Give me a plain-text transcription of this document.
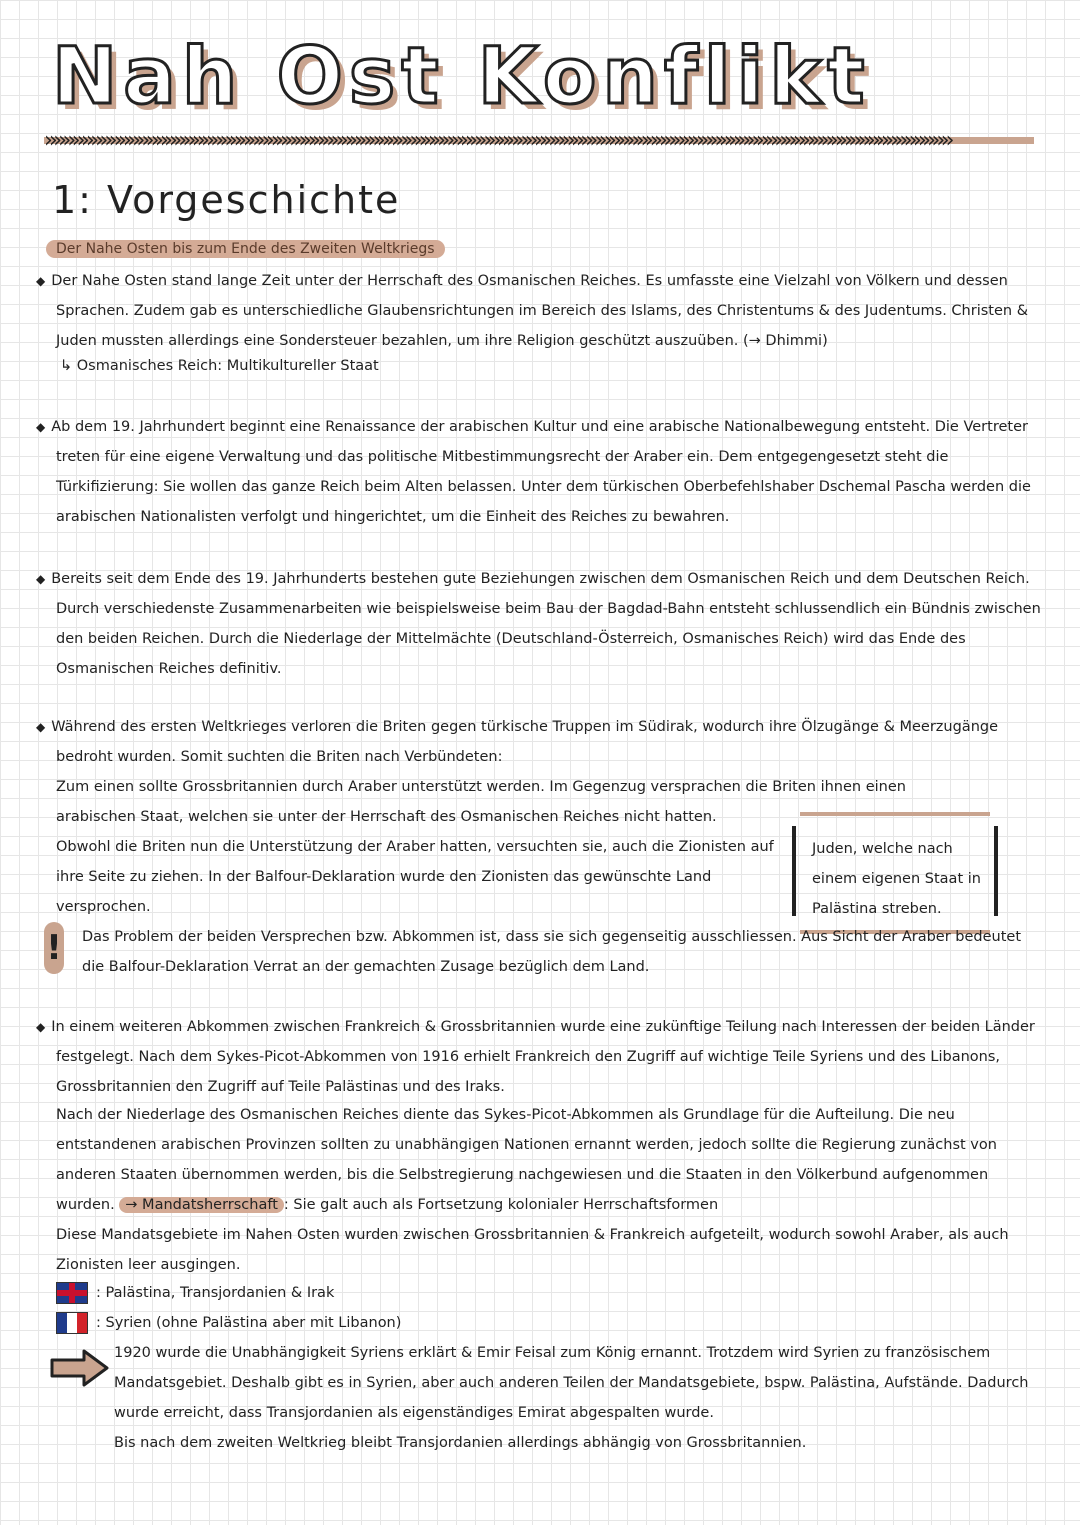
Nah Ost Konflikt
»»»»»»»»»»»»»»»»»»»»»»»»»»»»»»»»»»»»»»»»»»»»»»»»»»»»»»»»»»»»»»»»»»»»»»»»»»»»»»»»»»»»»»»»»»»»»»»»»»
1: Vorgeschichte
Der Nahe Osten bis zum Ende des Zweiten Weltkriegs

◆ Der Nahe Osten stand lange Zeit unter der Herrschaft des Osmanischen Reiches. Es umfasste eine Vielzahl von Völkern und dessen Sprachen. Zudem gab es unterschiedliche Glaubensrichtungen im Bereich des Islams, des Christentums & des Judentums. Christen & Juden mussten allerdings eine Sondersteuer bezahlen, um ihre Religion geschützt auszuüben. (→ Dhimmi)

↳ Osmanisches Reich: Multikultureller Staat

◆ Ab dem 19. Jahrhundert beginnt eine Renaissance der arabischen Kultur und eine arabische Nationalbewegung entsteht. Die Vertreter treten für eine eigene Verwaltung und das politische Mitbestimmungsrecht der Araber ein. Dem entgegengesetzt steht die Türkifizierung: Sie wollen das ganze Reich beim Alten belassen. Unter dem türkischen Oberbefehlshaber Dschemal Pascha werden die arabischen Nationalisten verfolgt und hingerichtet, um die Einheit des Reiches zu bewahren.

◆ Bereits seit dem Ende des 19. Jahrhunderts bestehen gute Beziehungen zwischen dem Osmanischen Reich und dem Deutschen Reich. Durch verschiedenste Zusammenarbeiten wie beispielsweise beim Bau der Bagdad-Bahn entsteht schlussendlich ein Bündnis zwischen den beiden Reichen. Durch die Niederlage der Mittelmächte (Deutschland-Österreich, Osmanisches Reich) wird das Ende des Osmanischen Reiches definitiv.

◆ Während des ersten Weltkrieges verloren die Briten gegen türkische Truppen im Südirak, wodurch ihre Ölzugänge & Meerzugänge bedroht wurden. Somit suchten die Briten nach Verbündeten:

Zum einen sollte Grossbritannien durch Araber unterstützt werden. Im Gegenzug versprachen die Briten ihnen einen arabischen Staat, welchen sie unter der Herrschaft des Osmanischen Reiches nicht hatten.

Obwohl die Briten nun die Unterstützung der Araber hatten, versuchten sie, auch die Zionisten auf ihre Seite zu ziehen. In der Balfour-Deklaration wurde den Zionisten das gewünschte Land versprochen.

Juden, welche nach einem eigenen Staat in Palästina streben.
! Das Problem der beiden Versprechen bzw. Abkommen ist, dass sie sich gegenseitig ausschliessen. Aus Sicht der Araber bedeutet die Balfour-Deklaration Verrat an der gemachten Zusage bezüglich dem Land.

◆ In einem weiteren Abkommen zwischen Frankreich & Grossbritannien wurde eine zukünftige Teilung nach Interessen der beiden Länder festgelegt. Nach dem Sykes-Picot-Abkommen von 1916 erhielt Frankreich den Zugriff auf wichtige Teile Syriens und des Libanons, Grossbritannien den Zugriff auf Teile Palästinas und des Iraks.

Nach der Niederlage des Osmanischen Reiches diente das Sykes-Picot-Abkommen als Grundlage für die Aufteilung. Die neu entstandenen arabischen Provinzen sollten zu unabhängigen Nationen ernannt werden, jedoch sollte die Regierung zunächst von anderen Staaten übernommen werden, bis die Selbstregierung nachgewiesen und die Staaten in den Völkerbund aufgenommen wurden. → Mandatsherrschaft : Sie galt auch als Fortsetzung kolonialer Herrschaftsformen

Diese Mandatsgebiete im Nahen Osten wurden zwischen Grossbritannien & Frankreich aufgeteilt, wodurch sowohl Araber, als auch Zionisten leer ausgingen.

: Palästina, Transjordanien & Irak

: Syrien (ohne Palästina aber mit Libanon)

1920 wurde die Unabhängigkeit Syriens erklärt & Emir Feisal zum König ernannt. Trotzdem wird Syrien zu französischem Mandatsgebiet. Deshalb gibt es in Syrien, aber auch anderen Teilen der Mandatsgebiete, bspw. Palästina, Aufstände. Dadurch wurde erreicht, dass Transjordanien als eigenständiges Emirat abgespalten wurde.

Bis nach dem zweiten Weltkrieg bleibt Transjordanien allerdings abhängig von Grossbritannien.
